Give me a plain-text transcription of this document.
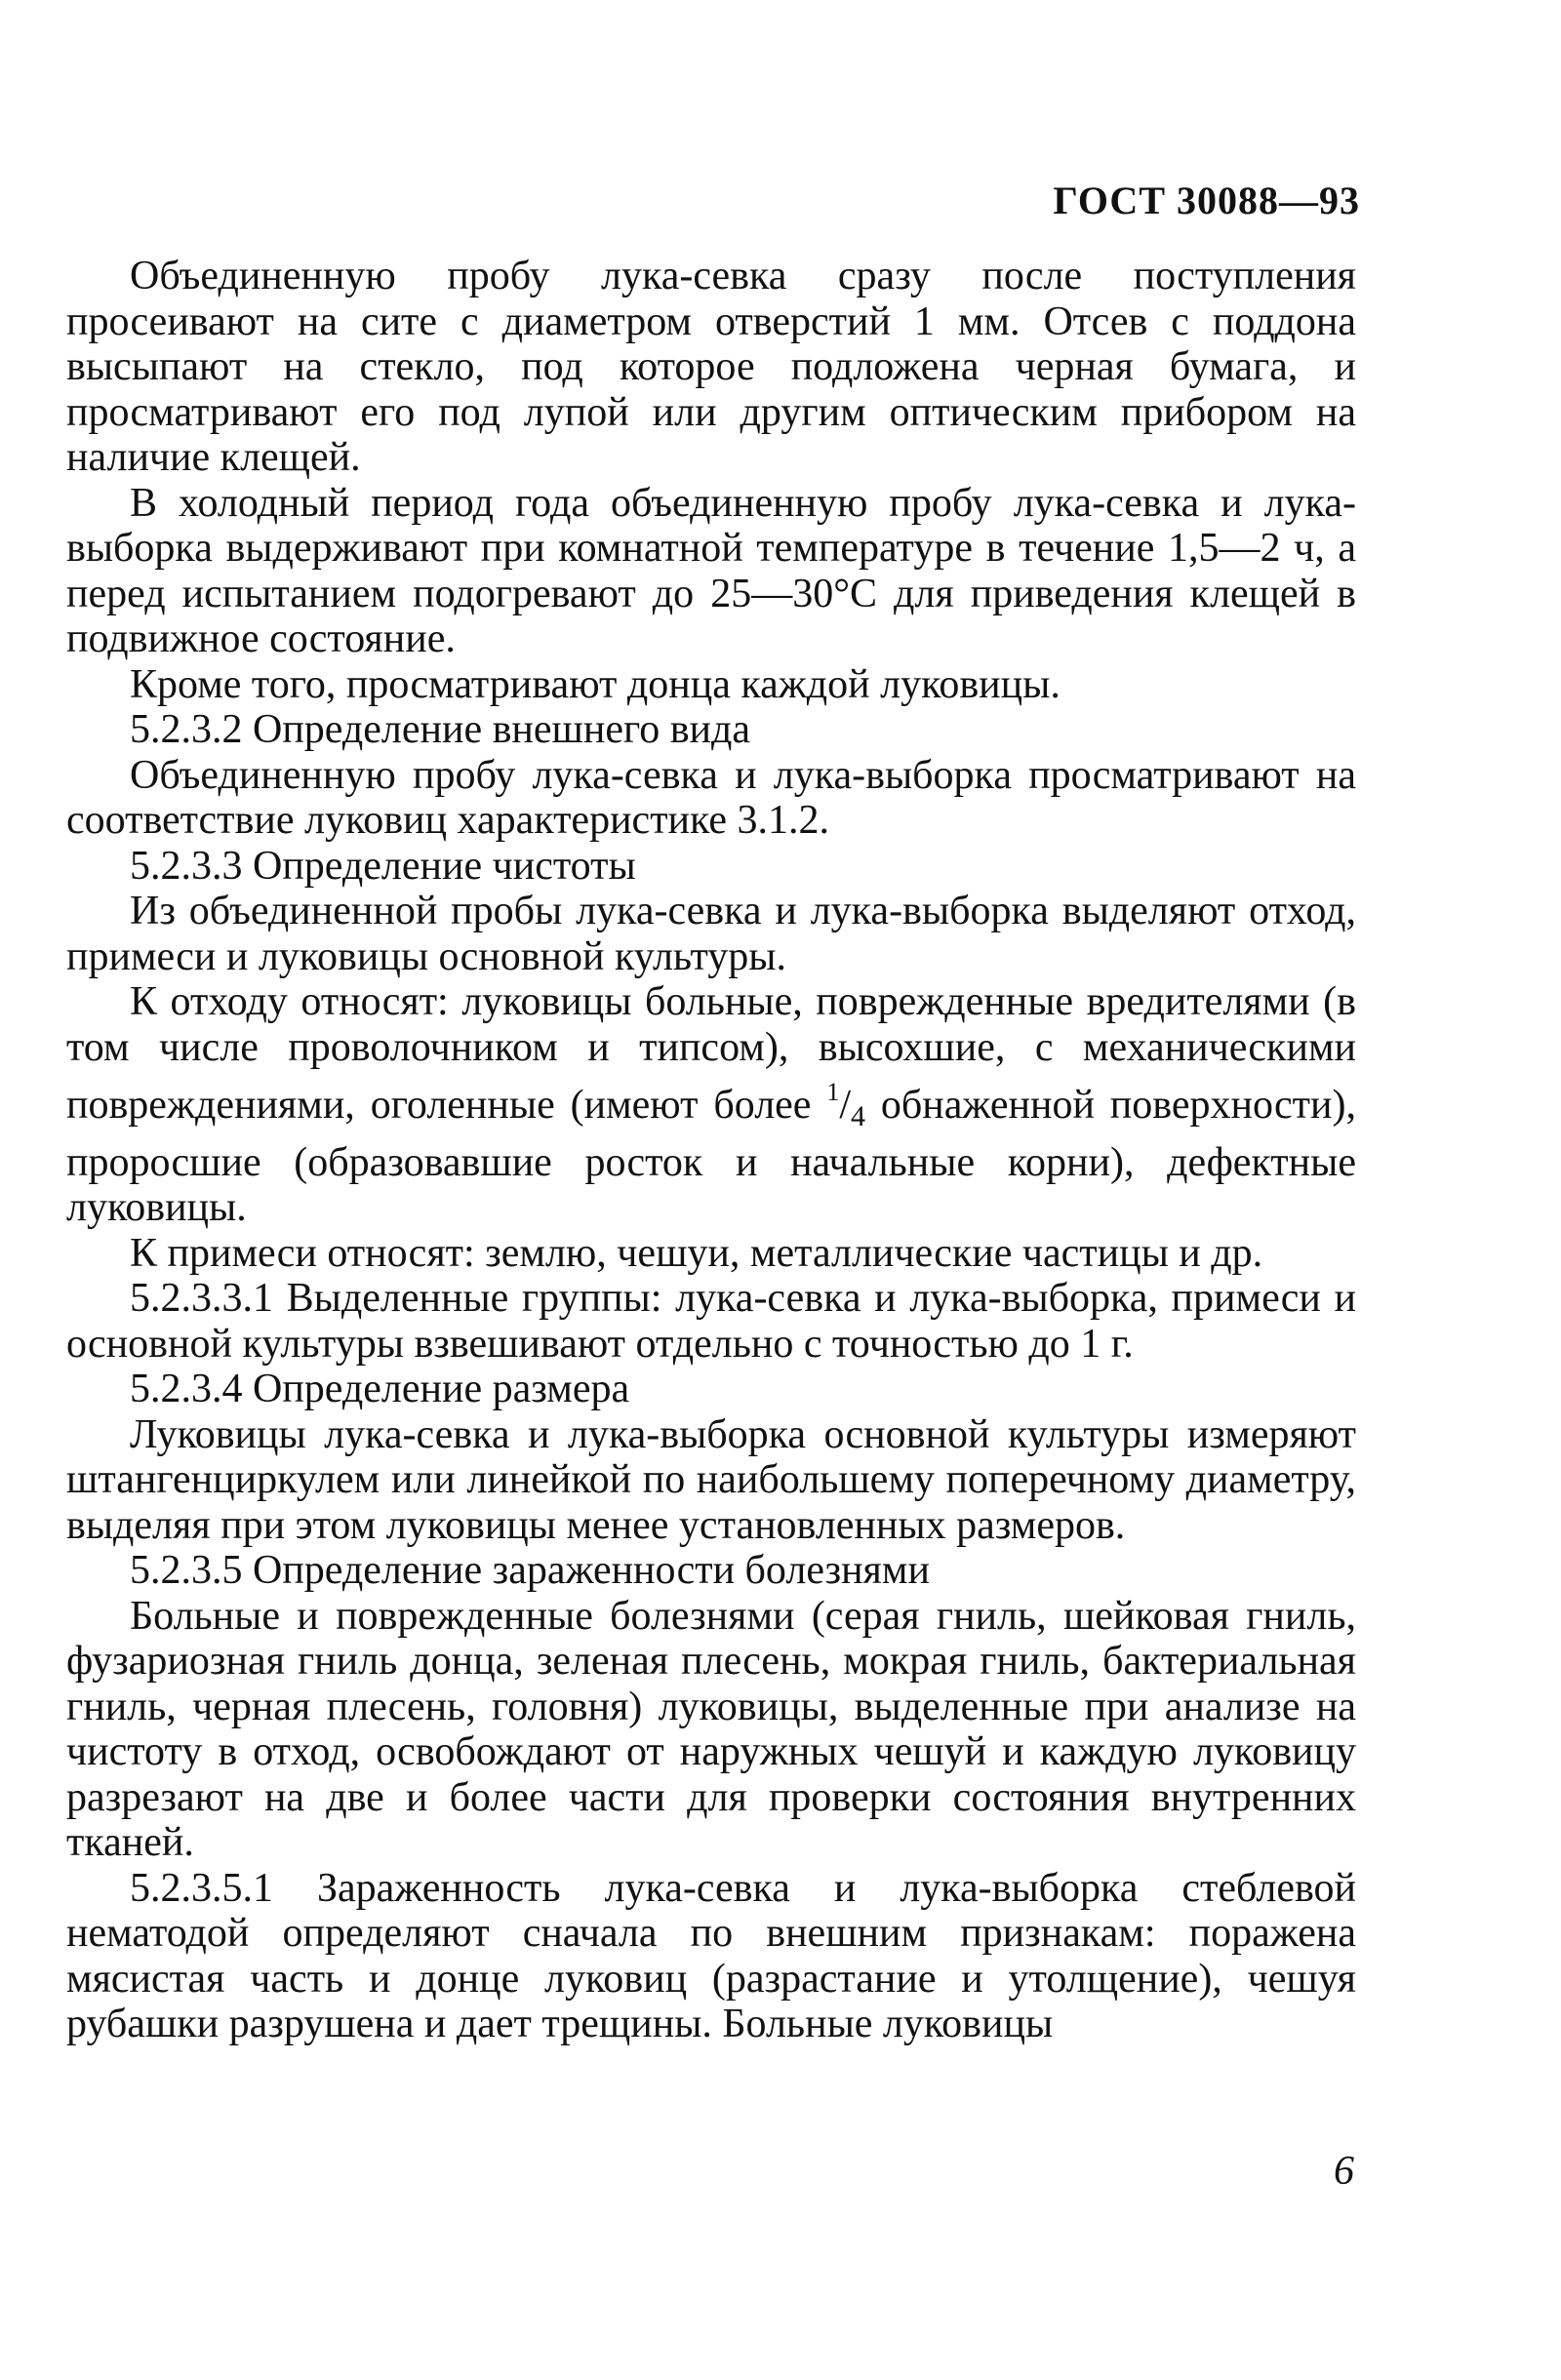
ГОСТ 30088—93

Объединенную пробу лука-севка сразу после поступления просеивают на сите с диаметром отверстий 1 мм. Отсев с поддона высыпают на стекло, под которое подложена черная бумага, и просматривают его под лупой или другим оптическим прибором на наличие клещей.

В холодный период года объединенную пробу лука-севка и лука-выборка выдерживают при комнатной температуре в течение 1,5—2 ч, а перед испытанием подогревают до 25—30°С для приведения клещей в подвижное состояние.

Кроме того, просматривают донца каждой луковицы.

5.2.3.2 Определение внешнего вида

Объединенную пробу лука-севка и лука-выборка просматривают на соответствие луковиц характеристике 3.1.2.

5.2.3.3 Определение чистоты

Из объединенной пробы лука-севка и лука-выборка выделяют отход, примеси и луковицы основной культуры.

К отходу относят: луковицы больные, поврежденные вредителями (в том числе проволочником и типсом), высохшие, с механическими повреждениями, оголенные (имеют более $^1/_4$ обнаженной поверхности), проросшие (образовавшие росток и начальные корни), дефектные луковицы.

К примеси относят: землю, чешуи, металлические частицы и др.

5.2.3.3.1 Выделенные группы: лука-севка и лука-выборка, примеси и основной культуры взвешивают отдельно с точностью до 1 г.

5.2.3.4 Определение размера

Луковицы лука-севка и лука-выборка основной культуры измеряют штангенциркулем или линейкой по наибольшему поперечному диаметру, выделяя при этом луковицы менее установленных размеров.

5.2.3.5 Определение зараженности болезнями

Больные и поврежденные болезнями (серая гниль, шейковая гниль, фузариозная гниль донца, зеленая плесень, мокрая гниль, бактериальная гниль, черная плесень, головня) луковицы, выделенные при анализе на чистоту в отход, освобождают от наружных чешуй и каждую луковицу разрезают на две и более части для проверки состояния внутренних тканей.

5.2.3.5.1 Зараженность лука-севка и лука-выборка стеблевой нематодой определяют сначала по внешним признакам: поражена мясистая часть и донце луковиц (разрастание и утолщение), чешуя рубашки разрушена и дает трещины. Больные луковицы

6
